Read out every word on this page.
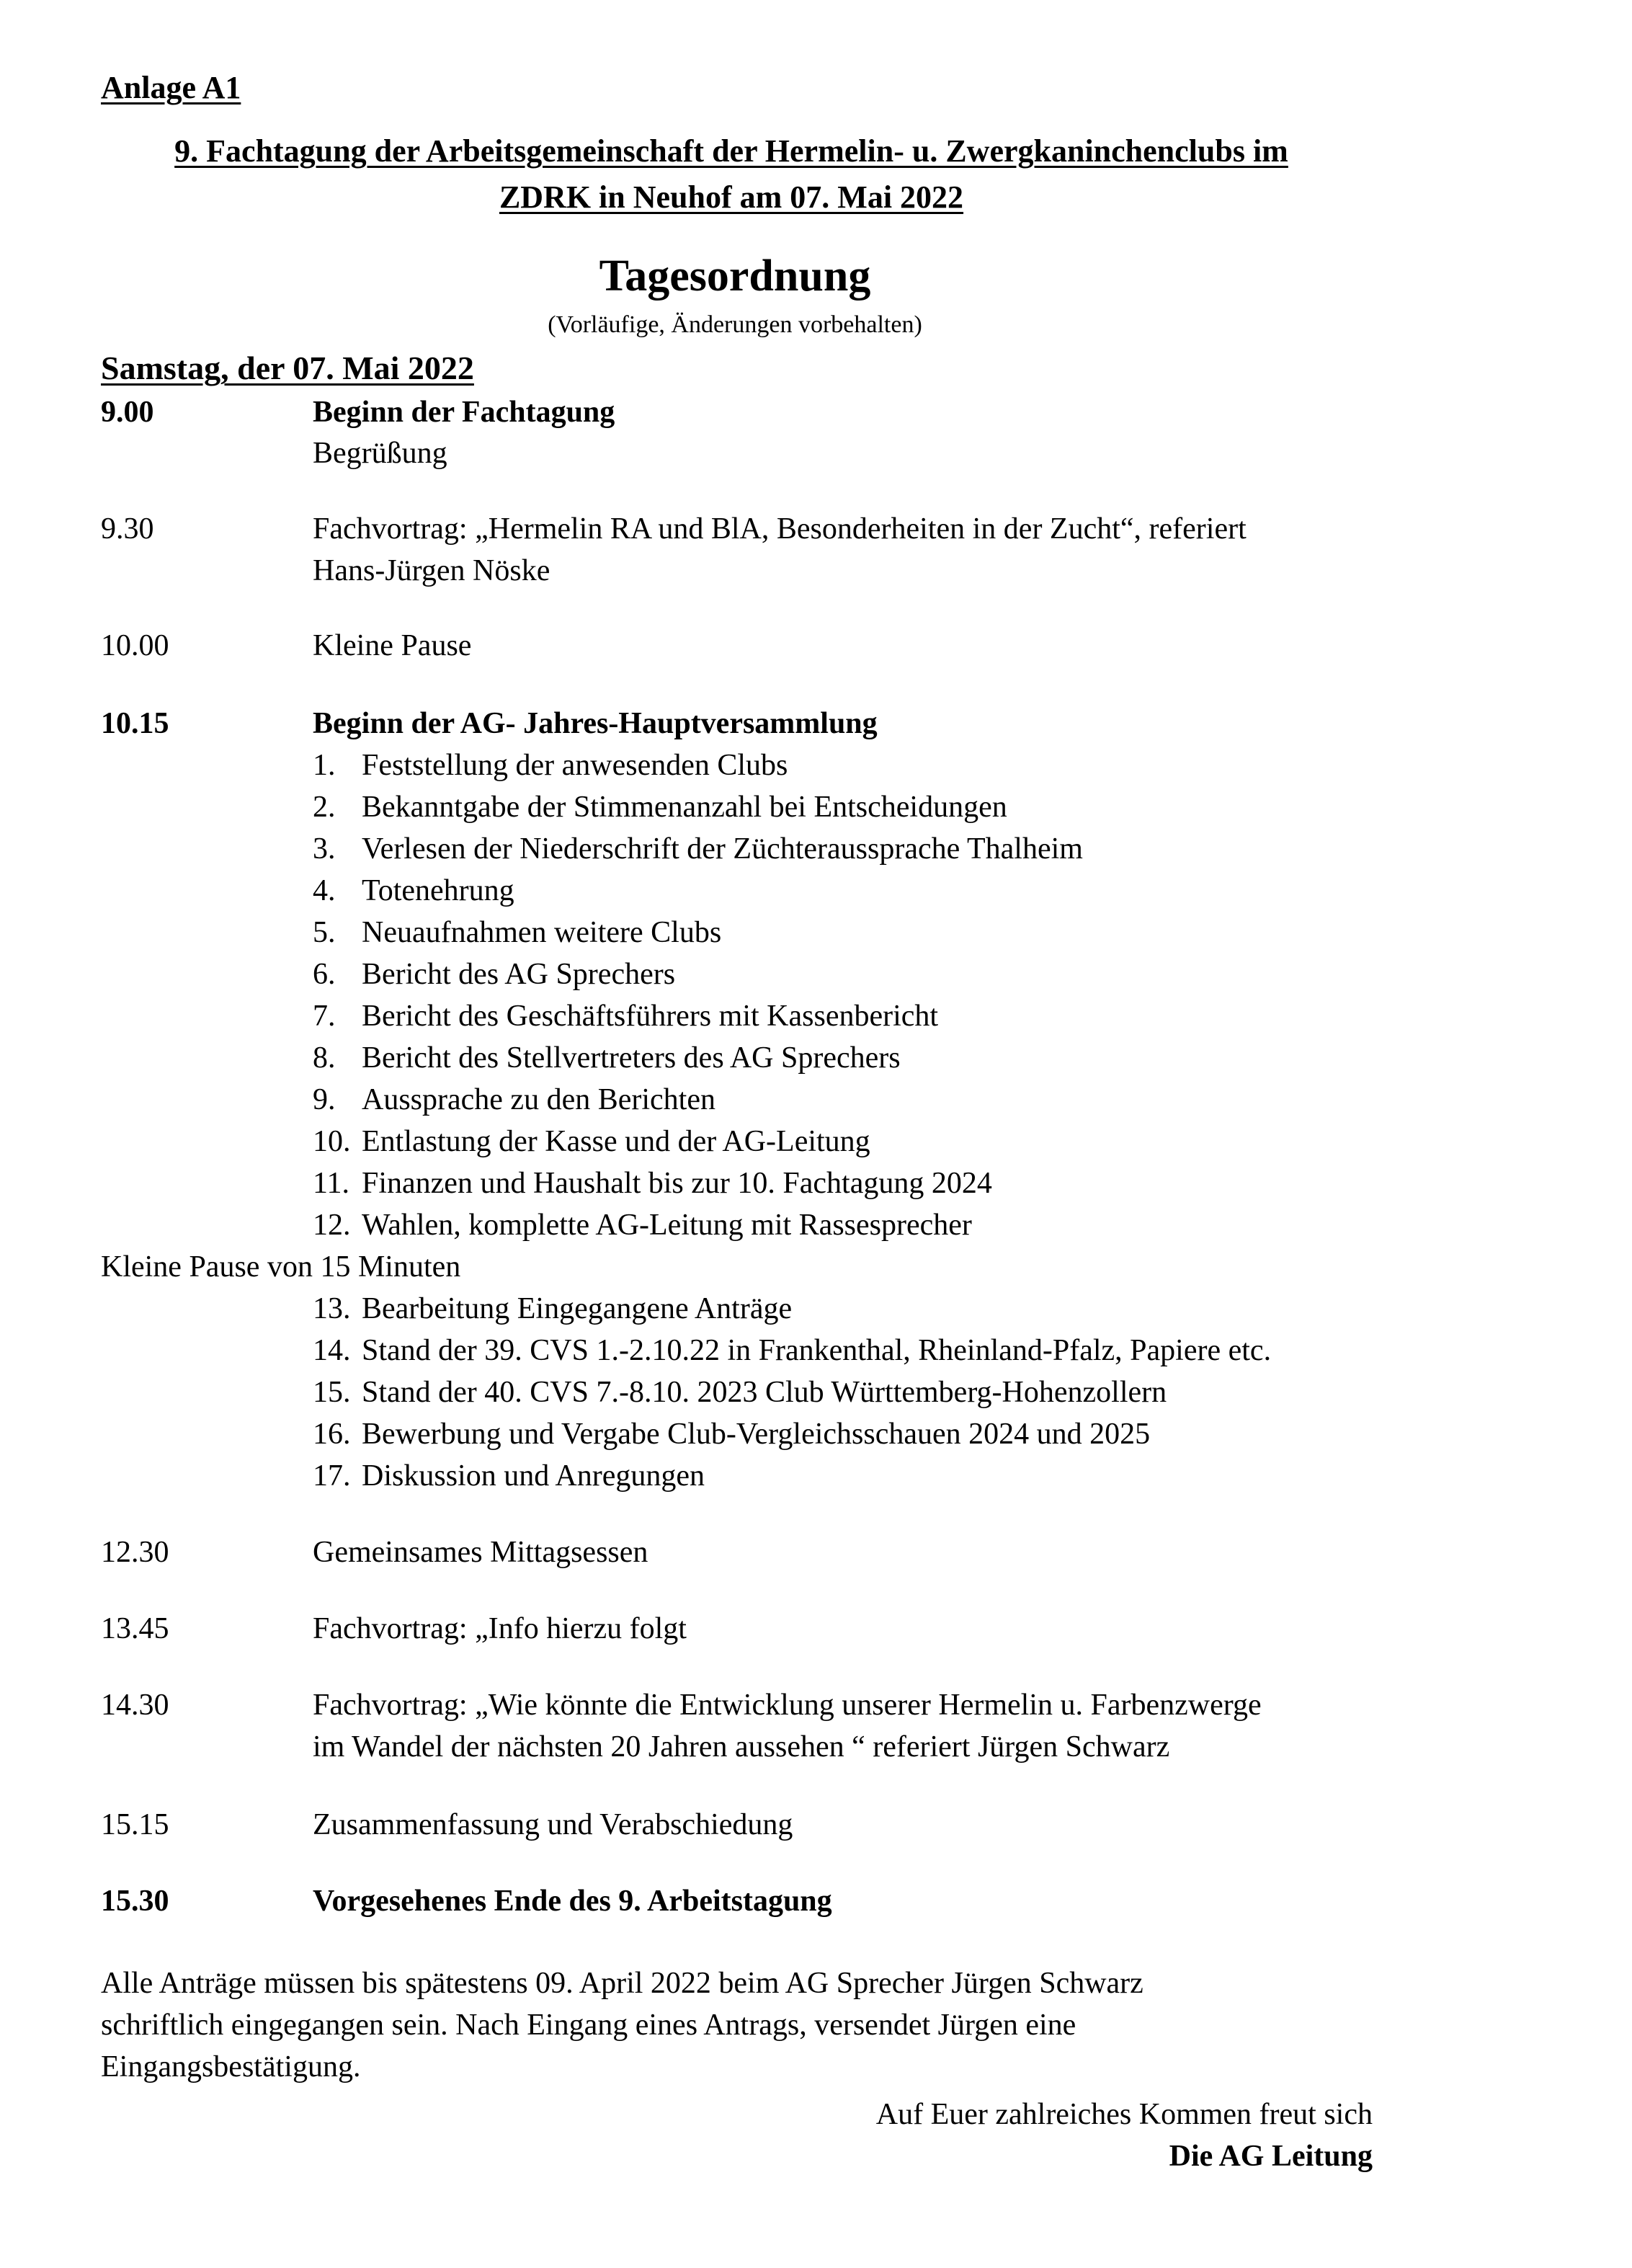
Anlage A1
9. Fachtagung der Arbeitsgemeinschaft der Hermelin- u. Zwergkaninchenclubs im
ZDRK in Neuhof am 07. Mai 2022
Tagesordnung
(Vorläufige, Änderungen vorbehalten)
Samstag, der 07. Mai 2022
9.00	Beginn der Fachtagung
Begrüßung
9.30	Fachvortrag: „Hermelin RA und BlA, Besonderheiten in der Zucht“, referiert
Hans-Jürgen Nöske
10.00	Kleine Pause
10.15	Beginn der AG- Jahres-Hauptversammlung
1. Feststellung der anwesenden Clubs
2. Bekanntgabe der Stimmenanzahl bei Entscheidungen
3. Verlesen der Niederschrift der Züchteraussprache Thalheim
4. Totenehrung
5. Neuaufnahmen weitere Clubs
6. Bericht des AG Sprechers
7. Bericht des Geschäftsführers mit Kassenbericht
8. Bericht des Stellvertreters des AG Sprechers
9. Aussprache zu den Berichten
10. Entlastung der Kasse und der AG-Leitung
11. Finanzen und Haushalt bis zur 10. Fachtagung 2024
12. Wahlen, komplette AG-Leitung mit Rassesprecher
Kleine Pause von 15 Minuten
13. Bearbeitung Eingegangene Anträge
14. Stand der 39. CVS 1.-2.10.22 in Frankenthal, Rheinland-Pfalz, Papiere etc.
15. Stand der 40. CVS 7.-8.10. 2023 Club Württemberg-Hohenzollern
16. Bewerbung und Vergabe Club-Vergleichsschauen 2024 und 2025
17. Diskussion und Anregungen
12.30	Gemeinsames Mittagsessen
13.45	Fachvortrag: „Info hierzu folgt
14.30	Fachvortrag: „Wie könnte die Entwicklung unserer Hermelin u. Farbenzwerge
im Wandel der nächsten 20 Jahren aussehen “ referiert Jürgen Schwarz
15.15	Zusammenfassung und Verabschiedung
15.30	Vorgesehenes Ende des 9. Arbeitstagung
Alle Anträge müssen bis spätestens 09. April 2022 beim AG Sprecher Jürgen Schwarz
schriftlich eingegangen sein. Nach Eingang eines Antrags, versendet Jürgen eine
Eingangsbestätigung.
Auf Euer zahlreiches Kommen freut sich
Die AG Leitung
